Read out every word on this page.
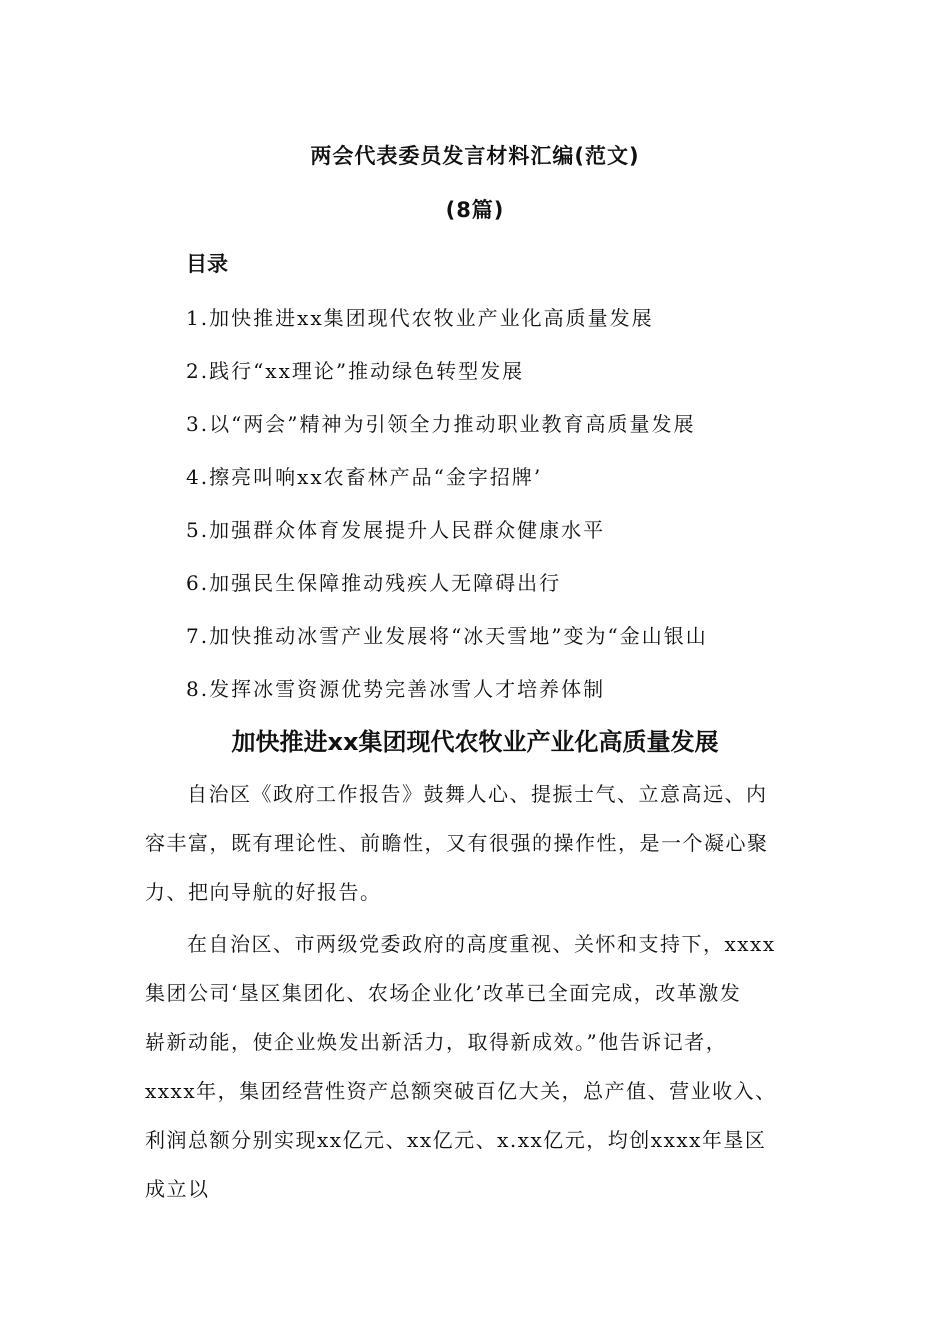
两会代表委员发言材料汇编(范文)
(8篇)
目录
1.加快推进xx集团现代农牧业产业化高质量发展
2.践行“xx理论”推动绿色转型发展
3.以“两会”精神为引领全力推动职业教育高质量发展
4.擦亮叫响xx农畜林产品“金字招牌’
5.加强群众体育发展提升人民群众健康水平
6.加强民生保障推动残疾人无障碍出行
7.加快推动冰雪产业发展将“冰天雪地”变为“金山银山
8.发挥冰雪资源优势完善冰雪人才培养体制
加快推进xx集团现代农牧业产业化高质量发展
自治区《政府工作报告》鼓舞人心、提振士气、立意高远、内
容丰富，既有理论性、前瞻性，又有很强的操作性，是一个凝心聚
力、把向导航的好报告。
在自治区、市两级党委政府的高度重视、关怀和支持下，xxxx
集团公司‘垦区集团化、农场企业化’改革已全面完成，改革激发
崭新动能，使企业焕发出新活力，取得新成效。”他告诉记者，
xxxx年，集团经营性资产总额突破百亿大关，总产值、营业收入、
利润总额分别实现xx亿元、xx亿元、x.xx亿元，均创xxxx年垦区
成立以
